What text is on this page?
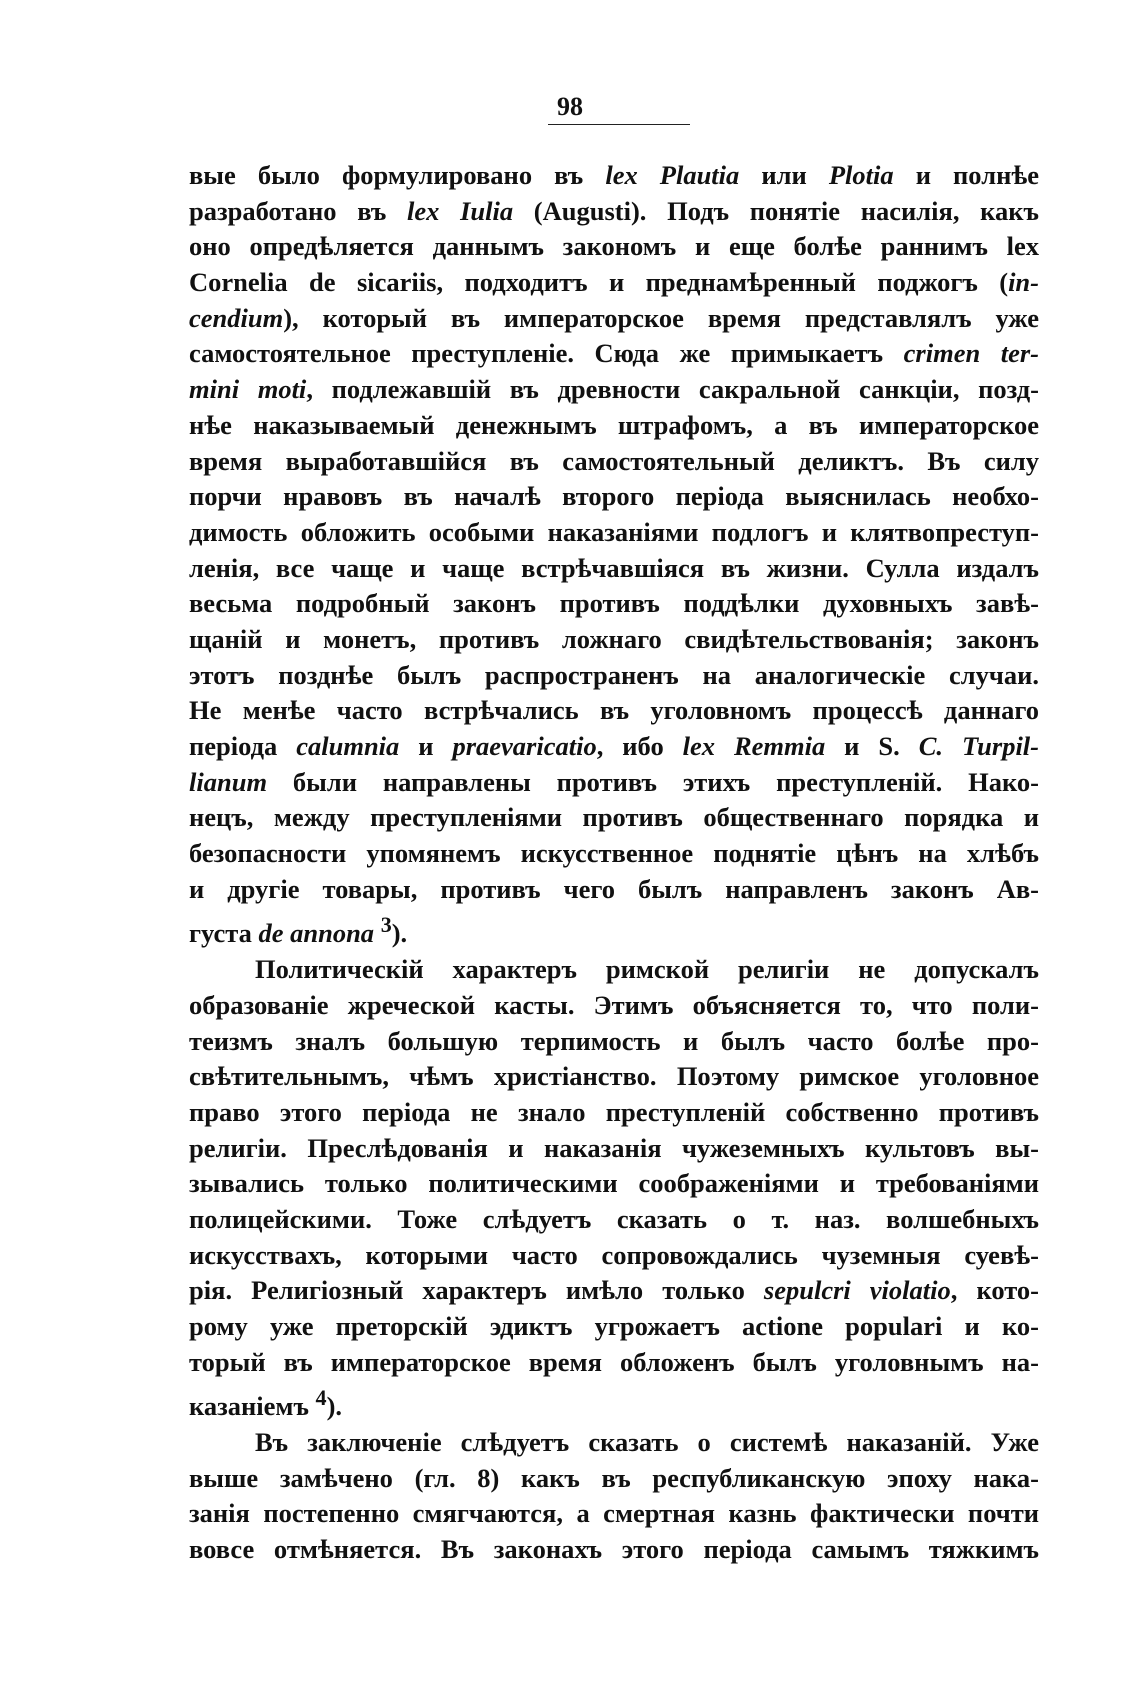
98
вые было формулировано въ lex Plautia или Plotia и полнѣе
разработано въ lex Iulia (Augusti). Подъ понятіе насилія, какъ
оно опредѣляется даннымъ закономъ и еще болѣе раннимъ lex
Cornelia de sicariis, подходитъ и преднамѣренный поджогъ (in-
cendium), который въ императорское время представлялъ уже
самостоятельное преступленіе. Сюда же примыкаетъ crimen ter-
mini moti, подлежавшій въ древности сакральной санкціи, позд-
нѣе наказываемый денежнымъ штрафомъ, а въ императорское
время выработавшійся въ самостоятельный деликтъ. Въ силу
порчи нравовъ въ началѣ второго періода выяснилась необхо-
димость обложить особыми наказаніями подлогъ и клятвопреступ-
ленія, все чаще и чаще встрѣчавшіяся въ жизни. Сулла издалъ
весьма подробный законъ противъ поддѣлки духовныхъ завѣ-
щаній и монетъ, противъ ложнаго свидѣтельствованія; законъ
этотъ позднѣе былъ распространенъ на аналогическіе случаи.
Не менѣе часто встрѣчались въ уголовномъ процессѣ даннаго
періода calumnia и praevaricatio, ибо lex Remmia и S. C. Turpil-
lianum были направлены противъ этихъ преступленій. Нако-
нецъ, между преступленіями противъ общественнаго порядка и
безопасности упомянемъ искусственное поднятіе цѣнъ на хлѣбъ
и другіе товары, противъ чего былъ направленъ законъ Ав-
густа de annona $^3$).
Политическій характеръ римской религіи не допускалъ
образованіе жреческой касты. Этимъ объясняется то, что поли-
теизмъ зналъ большую терпимость и былъ часто болѣе про-
свѣтительнымъ, чѣмъ христіанство. Поэтому римское уголовное
право этого періода не знало преступленій собственно противъ
религіи. Преслѣдованія и наказанія чужеземныхъ культовъ вы-
зывались только политическими соображеніями и требованіями
полицейскими. Тоже слѣдуетъ сказать о т. наз. волшебныхъ
искусствахъ, которыми часто сопровождались чуземныя суевѣ-
рія. Религіозный характеръ имѣло только sepulcri violatio, кото-
рому уже преторскій эдиктъ угрожаетъ actione populari и ко-
торый въ императорское время обложенъ былъ уголовнымъ на-
казаніемъ $^4$).
Въ заключеніе слѣдуетъ сказать о системѣ наказаній. Уже
выше замѣчено (гл. 8) какъ въ республиканскую эпоху нака-
занія постепенно смягчаются, а смертная казнь фактически почти
вовсе отмѣняется. Въ законахъ этого періода самымъ тяжкимъ
